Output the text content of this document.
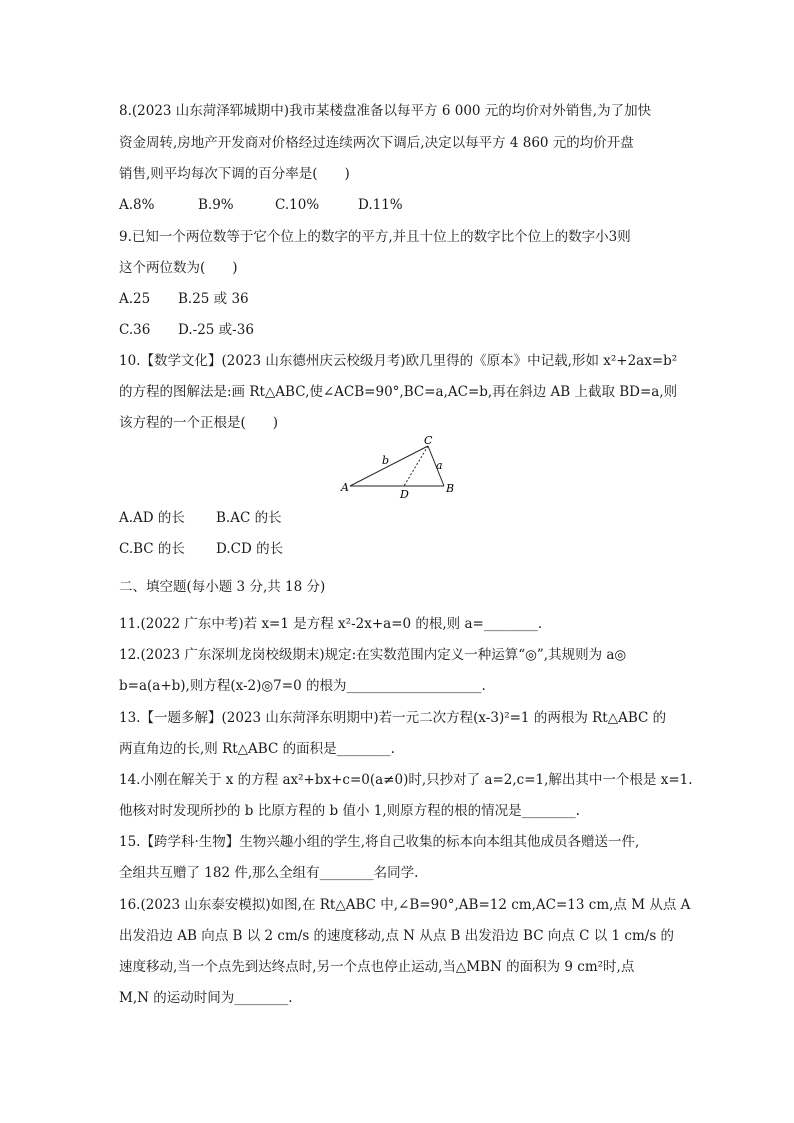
8.(2023 山东菏泽郓城期中)我市某楼盘准备以每平方 6 000 元的均价对外销售,为了加快
资金周转,房地产开发商对价格经过连续两次下调后,决定以每平方 4 860 元的均价开盘
销售,则平均每次下调的百分率是(　　)
A.8%	B.9%	C.10%	D.11%
9.已知一个两位数等于它个位上的数字的平方,并且十位上的数字比个位上的数字小3则
这个两位数为(　　)
A.25 B.25 或 36
C.36 D.-25 或-36
10.【数学文化】(2023 山东德州庆云校级月考)欧几里得的《原本》中记载,形如 x²+2ax=b²
的方程的图解法是:画 Rt△ABC,使∠ACB=90°,BC=a,AC=b,再在斜边 AB 上截取 BD=a,则
该方程的一个正根是(　　)
A	B
C
D
a
b
A.AD 的长 B.AC 的长
C.BC 的长 D.CD 的长
二、填空题(每小题 3 分,共 18 分)
11.(2022 广东中考)若 x=1 是方程 x²-2x+a=0 的根,则 a=________.
12.(2023 广东深圳龙岗校级期末)规定:在实数范围内定义一种运算“◎”,其规则为 a◎
b=a(a+b),则方程(x-2)◎7=0 的根为____________________.
13.【一题多解】(2023 山东菏泽东明期中)若一元二次方程(x-3)²=1 的两根为 Rt△ABC 的
两直角边的长,则 Rt△ABC 的面积是________.
14.小刚在解关于 x 的方程 ax²+bx+c=0(a≠0)时,只抄对了 a=2,c=1,解出其中一个根是 x=1.
他核对时发现所抄的 b 比原方程的 b 值小 1,则原方程的根的情况是________.
15.【跨学科·生物】生物兴趣小组的学生,将自己收集的标本向本组其他成员各赠送一件,
全组共互赠了 182 件,那么全组有________名同学.
16.(2023 山东泰安模拟)如图,在 Rt△ABC 中,∠B=90°,AB=12 cm,AC=13 cm,点 M 从点 A
出发沿边 AB 向点 B 以 2 cm/s 的速度移动,点 N 从点 B 出发沿边 BC 向点 C 以 1 cm/s 的
速度移动,当一个点先到达终点时,另一个点也停止运动,当△MBN 的面积为 9 cm²时,点
M,N 的运动时间为________.
